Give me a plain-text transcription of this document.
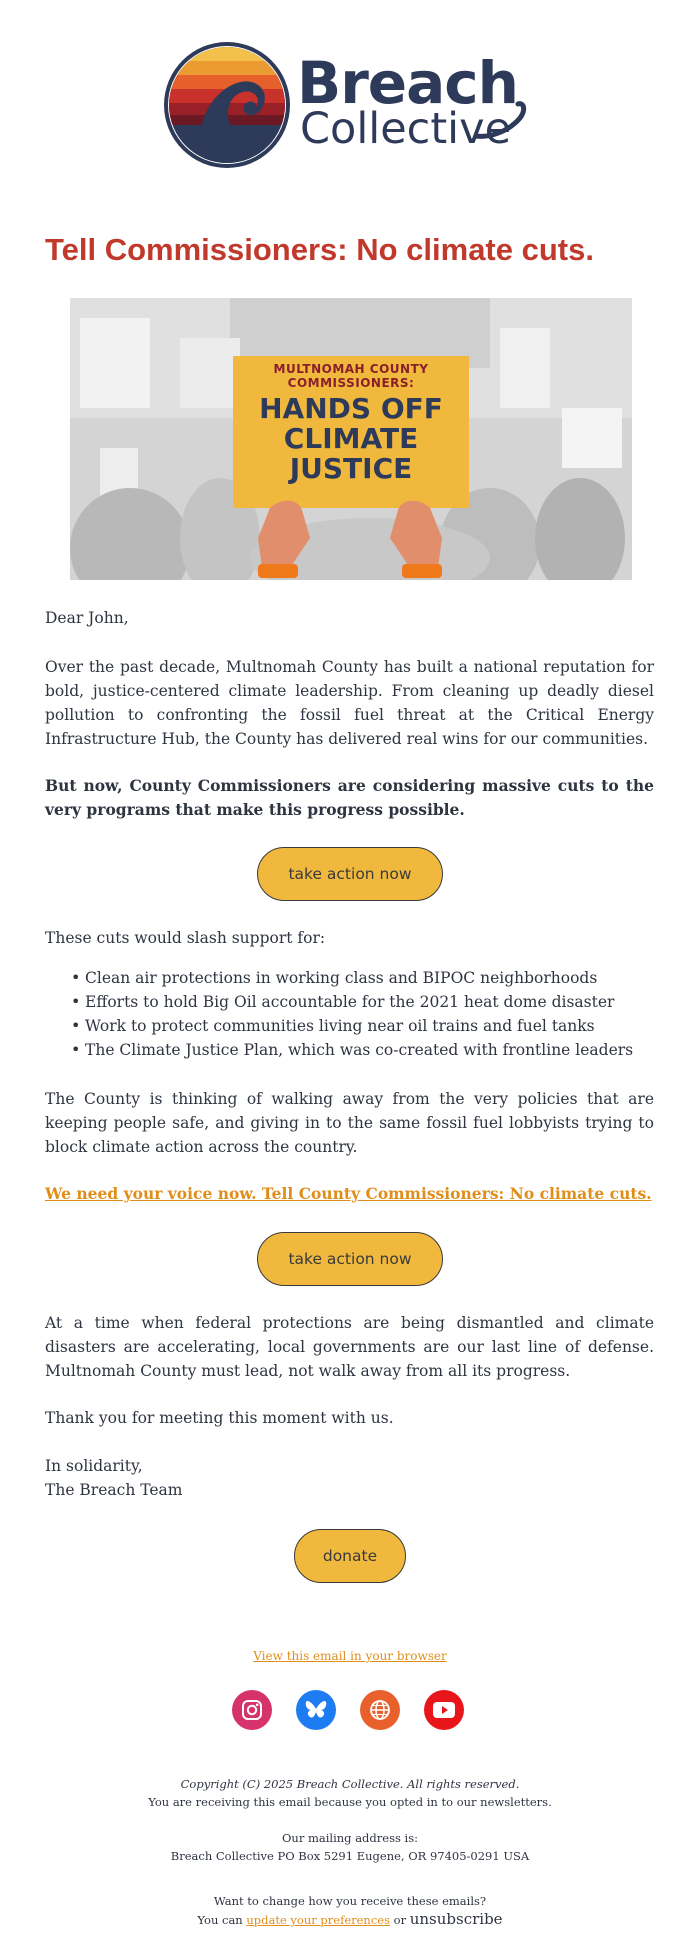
Breach
Collective
Tell Commissioners: No climate cuts.
MULTNOMAH COUNTY
COMMISSIONERS:
HANDS OFF
CLIMATE
JUSTICE
Dear John,
Over the past decade, Multnomah County has built a national reputation for bold, justice-centered climate leadership. From cleaning up deadly diesel pollution to confronting the fossil fuel threat at the Critical Energy Infrastructure Hub, the County has delivered real wins for our communities.
But now, County Commissioners are considering massive cuts to the very programs that make this progress possible.
take action now
These cuts would slash support for:
• Clean air protections in working class and BIPOC neighborhoods
• Efforts to hold Big Oil accountable for the 2021 heat dome disaster
• Work to protect communities living near oil trains and fuel tanks
• The Climate Justice Plan, which was co-created with frontline leaders
The County is thinking of walking away from the very policies that are keeping people safe, and giving in to the same fossil fuel lobbyists trying to block climate action across the country.
We need your voice now. Tell County Commissioners: No climate cuts.
take action now
At a time when federal protections are being dismantled and climate disasters are accelerating, local governments are our last line of defense. Multnomah County must lead, not walk away from all its progress.
Thank you for meeting this moment with us.
In solidarity,
The Breach Team
donate
View this email in your browser
Copyright (C) 2025 Breach Collective. All rights reserved.
You are receiving this email because you opted in to our newsletters.
Our mailing address is:
Breach Collective PO Box 5291 Eugene, OR 97405-0291 USA
Want to change how you receive these emails?
You can update your preferences or unsubscribe
